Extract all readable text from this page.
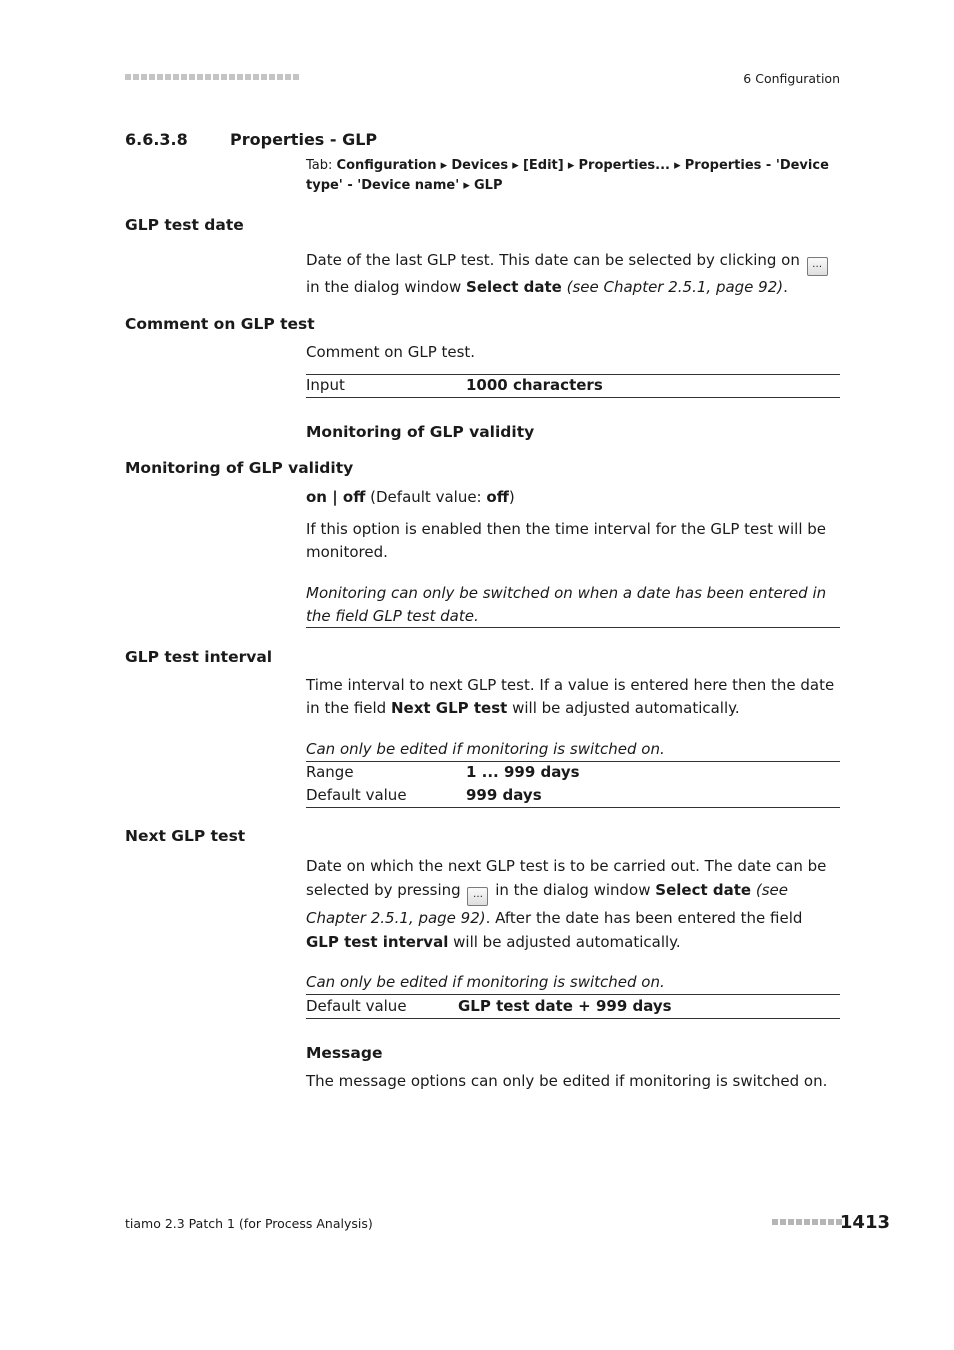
6 Configuration
6.6.3.8	Properties - GLP
Tab: Configuration ▸ Devices ▸ [Edit] ▸ Properties... ▸ Properties - 'Device type' - 'Device name' ▸ GLP
GLP test date
Date of the last GLP test. This date can be selected by clicking on … in the dialog window Select date (see Chapter 2.5.1, page 92).
Comment on GLP test
Comment on GLP test.
Input	1000 characters
Monitoring of GLP validity
Monitoring of GLP validity
on | off (Default value: off)
If this option is enabled then the time interval for the GLP test will be monitored.
Monitoring can only be switched on when a date has been entered in the field GLP test date.
GLP test interval
Time interval to next GLP test. If a value is entered here then the date in the field Next GLP test will be adjusted automatically.
Can only be edited if monitoring is switched on.
Range	1 ... 999 days
Default value	999 days
Next GLP test
Date on which the next GLP test is to be carried out. The date can be selected by pressing … in the dialog window Select date (see Chapter 2.5.1, page 92). After the date has been entered the field GLP test interval will be adjusted automatically.
Can only be edited if monitoring is switched on.
Default value	GLP test date + 999 days
Message
The message options can only be edited if monitoring is switched on.
tiamo 2.3 Patch 1 (for Process Analysis)	1413
